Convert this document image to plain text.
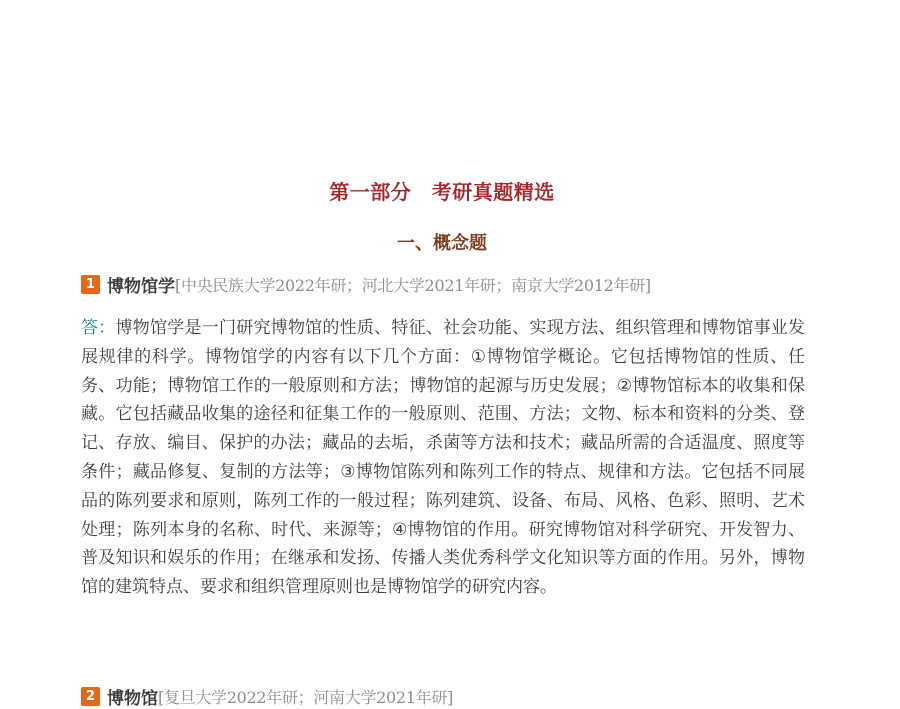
第一部分　考研真题精选
一、概念题
1 博物馆学 [中央民族大学2022年研；河北大学2021年研；南京大学2012年研]

答：博物馆学是一门研究博物馆的性质、特征、社会功能、实现方法、组织管理和博物馆事业发展规律的科学。博物馆学的内容有以下几个方面：①博物馆学概论。它包括博物馆的性质、任务、功能；博物馆工作的一般原则和方法；博物馆的起源与历史发展；②博物馆标本的收集和保藏。它包括藏品收集的途径和征集工作的一般原则、范围、方法；文物、标本和资料的分类、登记、存放、编目、保护的办法；藏品的去垢，杀菌等方法和技术；藏品所需的合适温度、照度等条件；藏品修复、复制的方法等；③博物馆陈列和陈列工作的特点、规律和方法。它包括不同展品的陈列要求和原则，陈列工作的一般过程；陈列建筑、设备、布局、风格、色彩、照明、艺术处理；陈列本身的名称、时代、来源等；④博物馆的作用。研究博物馆对科学研究、开发智力、普及知识和娱乐的作用；在继承和发扬、传播人类优秀科学文化知识等方面的作用。另外，博物馆的建筑特点、要求和组织管理原则也是博物馆学的研究内容。

2 博物馆 [复旦大学2022年研；河南大学2021年研]
